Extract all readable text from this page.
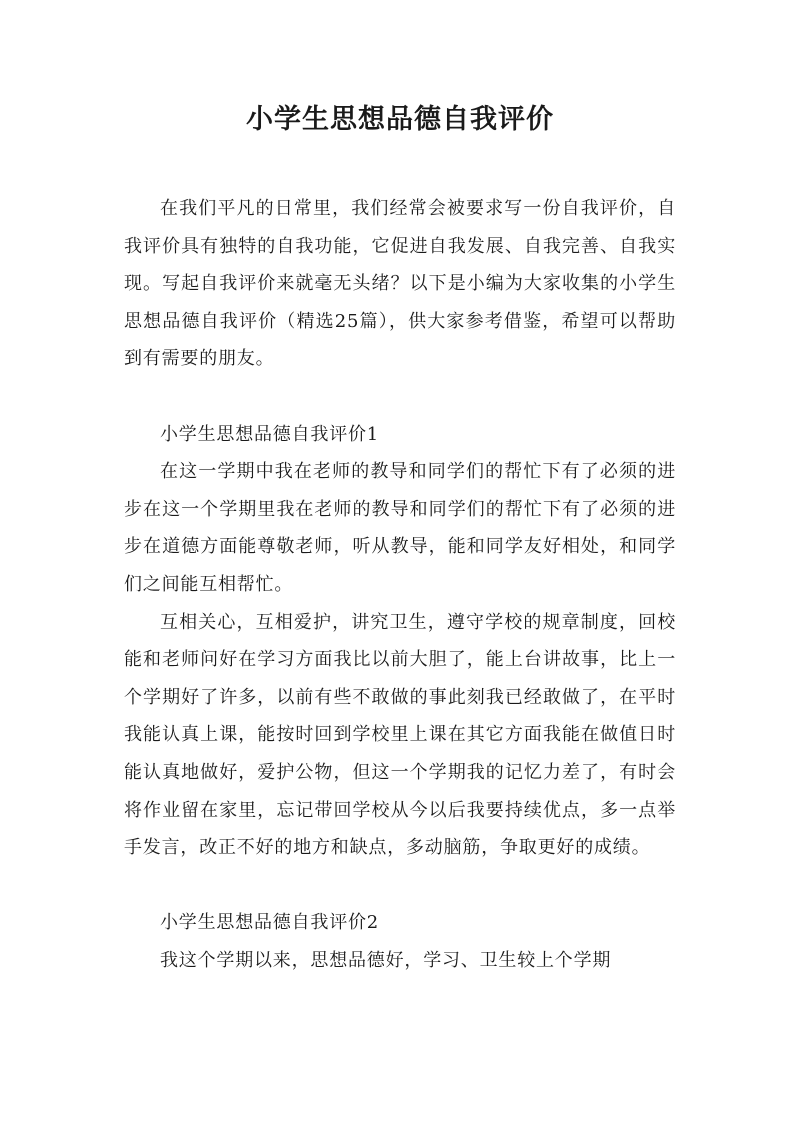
小学生思想品德自我评价

在我们平凡的日常里，我们经常会被要求写一份自我评价，自我评价具有独特的自我功能，它促进自我发展、自我完善、自我实现。写起自我评价来就毫无头绪？以下是小编为大家收集的小学生思想品德自我评价（精选25篇），供大家参考借鉴，希望可以帮助到有需要的朋友。

小学生思想品德自我评价1

在这一学期中我在老师的教导和同学们的帮忙下有了必须的进步在这一个学期里我在老师的教导和同学们的帮忙下有了必须的进步在道德方面能尊敬老师，听从教导，能和同学友好相处，和同学们之间能互相帮忙。

互相关心，互相爱护，讲究卫生，遵守学校的规章制度，回校能和老师问好在学习方面我比以前大胆了，能上台讲故事，比上一个学期好了许多，以前有些不敢做的事此刻我已经敢做了，在平时我能认真上课，能按时回到学校里上课在其它方面我能在做值日时能认真地做好，爱护公物，但这一个学期我的记忆力差了，有时会将作业留在家里，忘记带回学校从今以后我要持续优点，多一点举手发言，改正不好的地方和缺点，多动脑筋，争取更好的成绩。

小学生思想品德自我评价2

我这个学期以来，思想品德好，学习、卫生较上个学期
